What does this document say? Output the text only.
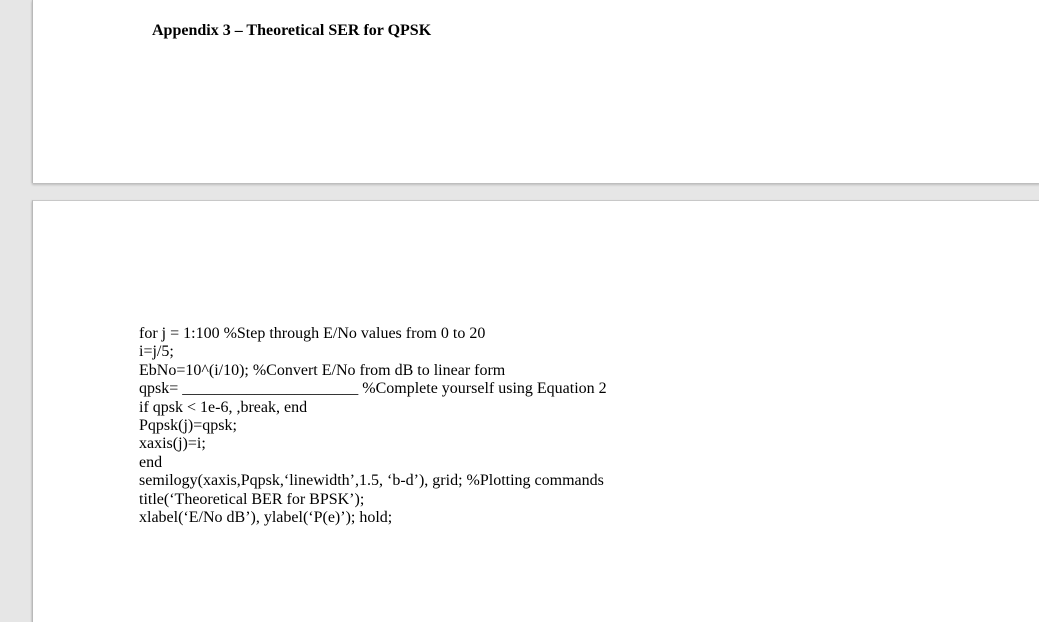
Appendix 3 – Theoretical SER for QPSK
for j = 1:100 %Step through E/No values from 0 to 20
i=j/5;
EbNo=10^(i/10); %Convert E/No from dB to linear form
qpsk= ______________________ %Complete yourself using Equation 2
if qpsk < 1e-6, ,break, end
Pqpsk(j)=qpsk;
xaxis(j)=i;
end
semilogy(xaxis,Pqpsk,‘linewidth’,1.5, ‘b-d’), grid; %Plotting commands
title(‘Theoretical BER for BPSK’);
xlabel(‘E/No dB’), ylabel(‘P(e)’); hold;
